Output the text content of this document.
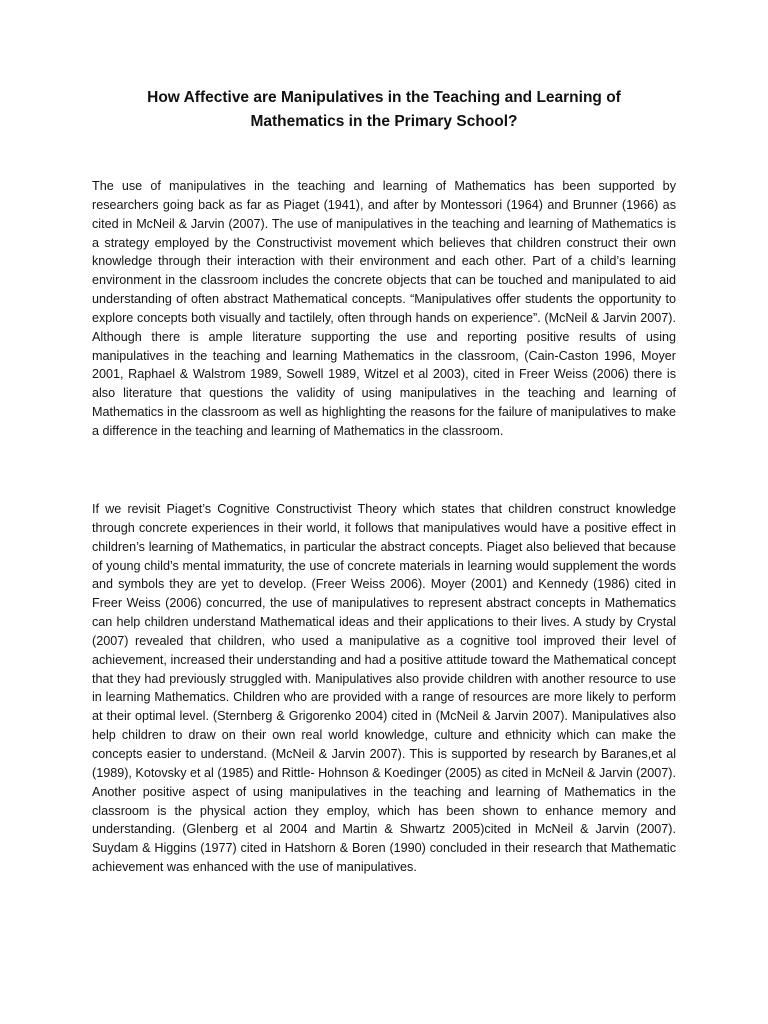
How Affective are Manipulatives in the Teaching and Learning of
Mathematics in the Primary School?

The use of manipulatives in the teaching and learning of Mathematics has been supported by researchers going back as far as Piaget (1941), and after by Montessori (1964) and Brunner (1966) as cited in McNeil & Jarvin (2007). The use of manipulatives in the teaching and learning of Mathematics is a strategy employed by the Constructivist movement which believes that children construct their own knowledge through their interaction with their environment and each other. Part of a child’s learning environment in the classroom includes the concrete objects that can be touched and manipulated to aid understanding of often abstract Mathematical concepts. “Manipulatives offer students the opportunity to explore concepts both visually and tactilely, often through hands on experience”. (McNeil & Jarvin 2007). Although there is ample literature supporting the use and reporting positive results of using manipulatives in the teaching and learning Mathematics in the classroom, (Cain-Caston 1996, Moyer 2001, Raphael & Walstrom 1989, Sowell 1989, Witzel et al 2003), cited in Freer Weiss (2006) there is also literature that questions the validity of using manipulatives in the teaching and learning of Mathematics in the classroom as well as highlighting the reasons for the failure of manipulatives to make a difference in the teaching and learning of Mathematics in the classroom.

If we revisit Piaget’s Cognitive Constructivist Theory which states that children construct knowledge through concrete experiences in their world, it follows that manipulatives would have a positive effect in children’s learning of Mathematics, in particular the abstract concepts. Piaget also believed that because of young child’s mental immaturity, the use of concrete materials in learning would supplement the words and symbols they are yet to develop. (Freer Weiss 2006). Moyer (2001) and Kennedy (1986) cited in Freer Weiss (2006) concurred, the use of manipulatives to represent abstract concepts in Mathematics can help children understand Mathematical ideas and their applications to their lives. A study by Crystal (2007) revealed that children, who used a manipulative as a cognitive tool improved their level of achievement, increased their understanding and had a positive attitude toward the Mathematical concept that they had previously struggled with. Manipulatives also provide children with another resource to use in learning Mathematics. Children who are provided with a range of resources are more likely to perform at their optimal level. (Sternberg & Grigorenko 2004) cited in (McNeil & Jarvin 2007). Manipulatives also help children to draw on their own real world knowledge, culture and ethnicity which can make the concepts easier to understand. (McNeil & Jarvin 2007). This is supported by research by Baranes,et al (1989), Kotovsky et al (1985) and Rittle- Hohnson & Koedinger (2005) as cited in McNeil & Jarvin (2007). Another positive aspect of using manipulatives in the teaching and learning of Mathematics in the classroom is the physical action they employ, which has been shown to enhance memory and understanding. (Glenberg et al 2004 and Martin & Shwartz 2005)cited in McNeil & Jarvin (2007). Suydam & Higgins (1977) cited in Hatshorn & Boren (1990) concluded in their research that Mathematic achievement was enhanced with the use of manipulatives.
